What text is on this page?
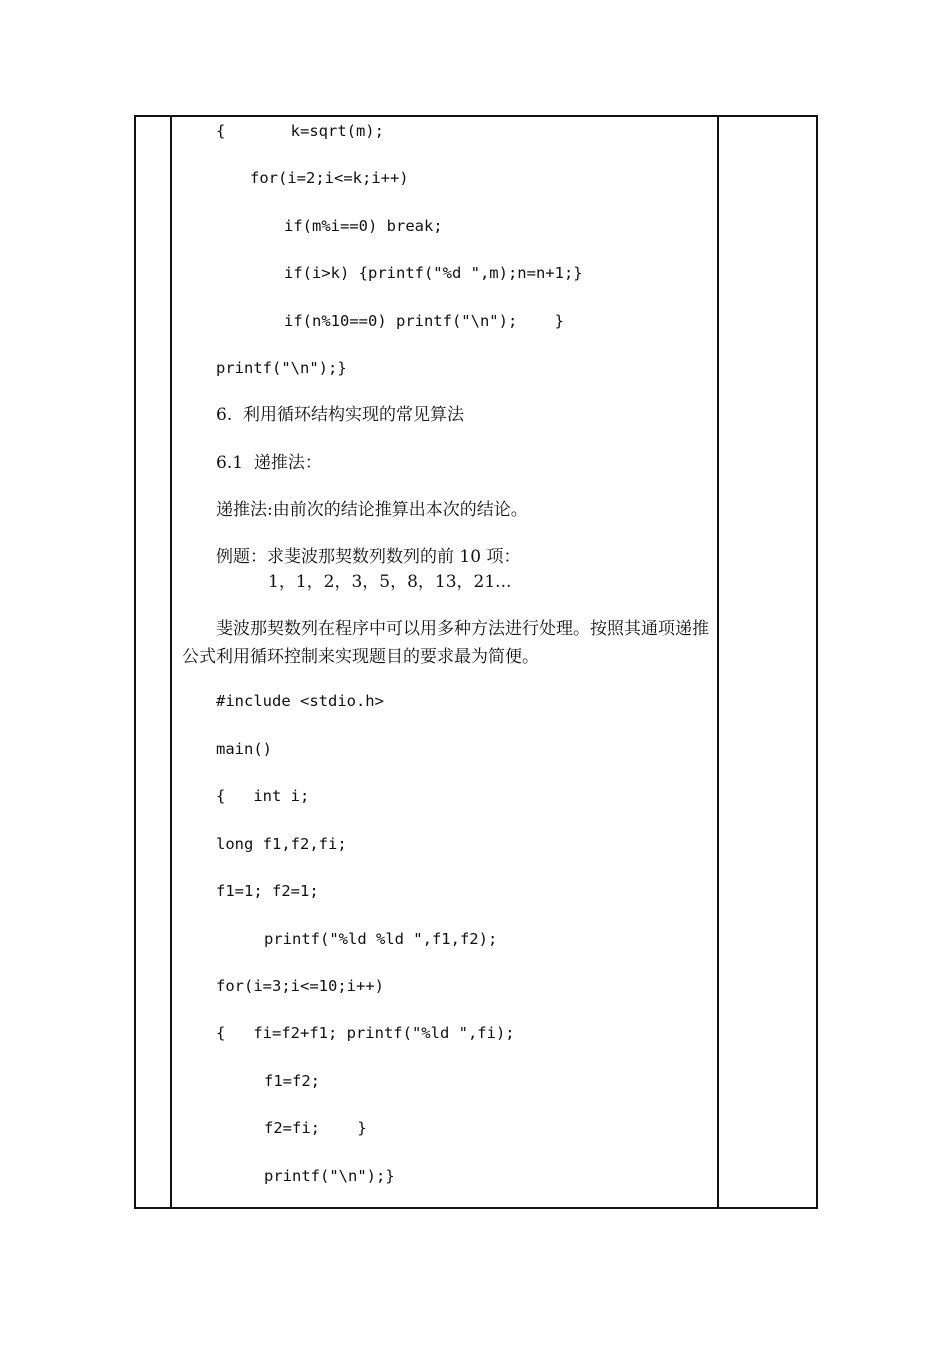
{       k=sqrt(m);

for(i=2;i<=k;i++)

if(m%i==0) break;

if(i>k) {printf("%d ",m);n=n+1;}

if(n%10==0) printf("\n");    }

printf("\n");}

6.  利用循环结构实现的常见算法

6.1  递推法：

递推法:由前次的结论推算出本次的结论。

例题：求斐波那契数列数列的前 10 项：

1，1，2，3，5，8，13，21...

斐波那契数列在程序中可以用多种方法进行处理。按照其通项递推公式利用循环控制来实现题目的要求最为简便。

#include <stdio.h>

main()

{   int i;

long f1,f2,fi;

f1=1; f2=1;

printf("%ld %ld ",f1,f2);

for(i=3;i<=10;i++)

{   fi=f2+f1; printf("%ld ",fi);

f1=f2;

f2=fi;    }

printf("\n");}
